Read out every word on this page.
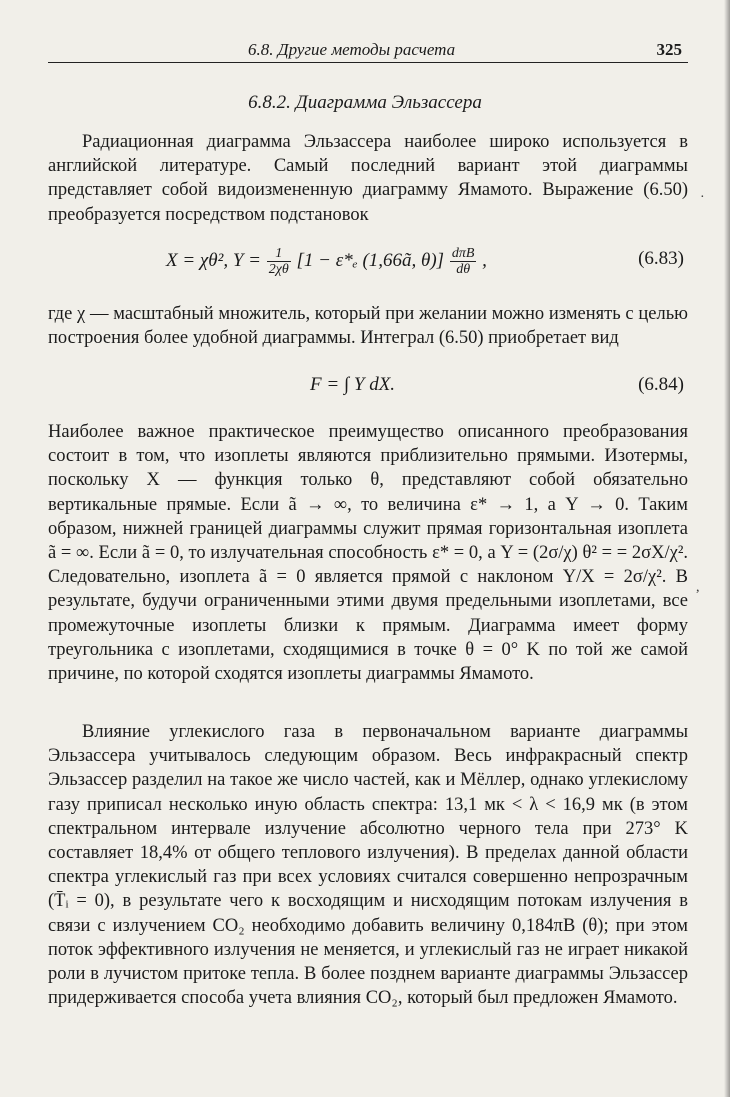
6.8. Другие методы расчета	325
6.8.2. Диаграмма Эльзассера

Радиационная диаграмма Эльзассера наиболее широко используется в английской литературе. Самый последний вариант этой диаграммы представляет собой видоизмененную диаграмму Ямамото. Выражение (6.50) преобразуется посредством подстановок

X = χθ², $Y = \frac{1}{2\chi\theta} [1 - \varepsilon*_e$ (1,66ã, $\theta)] \frac{\text{dπB}}{d\theta}$ ,	(6.83)

где χ — масштабный множитель, который при желании можно изменять с целью построения более удобной диаграммы. Интеграл (6.50) приобретает вид

F = ∫ Y dX.	(6.84)

Наиболее важное практическое преимущество описанного преобразования состоит в том, что изоплеты являются приблизительно прямыми. Изотермы, поскольку X — функция только θ, представляют собой обязательно вертикальные прямые. Если ã → ∞, то величина ε* → 1, а Y → 0. Таким образом, нижней границей диаграммы служит прямая горизонтальная изоплета ã = ∞. Если ã = 0, то излучательная способность ε* = 0, а Y = (2σ/χ) θ² = = 2σX/χ². Следовательно, изоплета ã = 0 является прямой с наклоном Y/X = 2σ/χ². В результате, будучи ограниченными этими двумя предельными изоплетами, все промежуточные изоплеты близки к прямым. Диаграмма имеет форму треугольника с изоплетами, сходящимися в точке θ = 0° K по той же самой причине, по которой сходятся изоплеты диаграммы Ямамото.

Влияние углекислого газа в первоначальном варианте диаграммы Эльзассера учитывалось следующим образом. Весь инфракрасный спектр Эльзассер разделил на такое же число частей, как и Мёллер, однако углекислому газу приписал несколько иную область спектра: 13,1 мк < λ < 16,9 мк (в этом спектральном интервале излучение абсолютно черного тела при 273° K составляет 18,4% от общего теплового излучения). В пределах данной области спектра углекислый газ при всех условиях считался совершенно непрозрачным (T̄ᵢ = 0), в результате чего к восходящим и нисходящим потокам излучения в связи с излучением CO₂ необходимо добавить величину 0,184πB (θ); при этом поток эффективного излучения не меняется, и углекислый газ не играет никакой роли в лучистом притоке тепла. В более позднем варианте диаграммы Эльзассер придерживается способа учета влияния CO₂, который был предложен Ямамото.

·
,
